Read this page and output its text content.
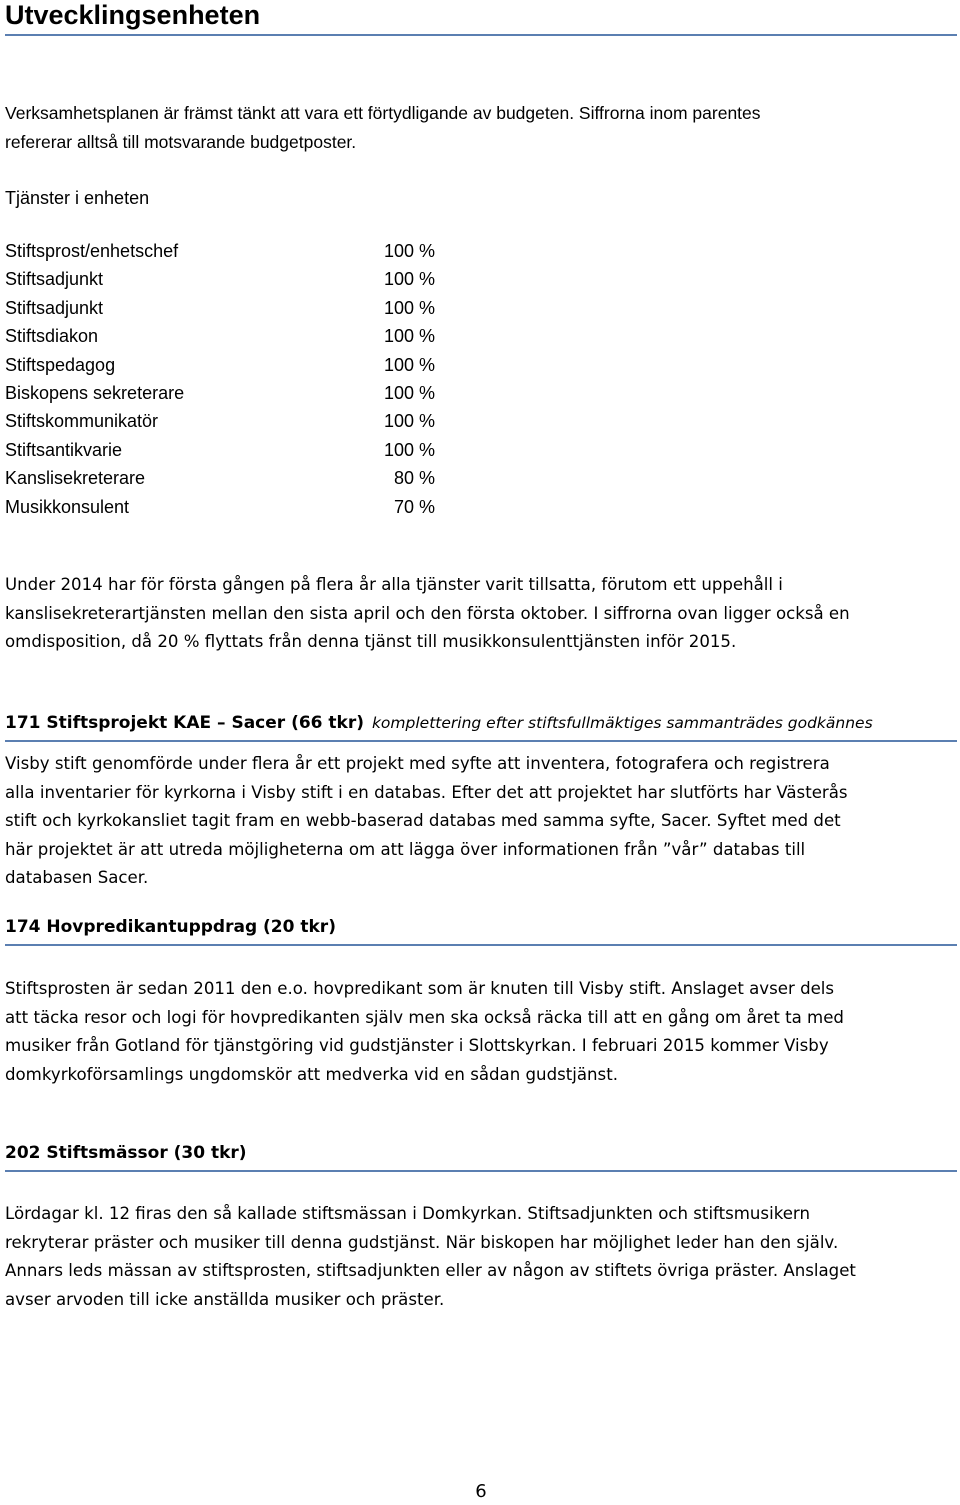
Utvecklingsenheten

Verksamhetsplanen är främst tänkt att vara ett förtydligande av budgeten. Siffrorna inom parentes
refererar alltså till motsvarande budgetposter.

Tjänster i enheten

Stiftsprost/enhetschef	100 %
Stiftsadjunkt	100 %
Stiftsadjunkt	100 %
Stiftsdiakon	100 %
Stiftspedagog	100 %
Biskopens sekreterare	100 %
Stiftskommunikatör	100 %
Stiftsantikvarie	100 %
Kanslisekreterare	80 %
Musikkonsulent	70 %

Under 2014 har för första gången på flera år alla tjänster varit tillsatta, förutom ett uppehåll i
kanslisekreterartjänsten mellan den sista april och den första oktober. I siffrorna ovan ligger också en
omdisposition, då 20 % flyttats från denna tjänst till musikkonsulenttjänsten inför 2015.

171 Stiftsprojekt KAE – Sacer (66 tkr) komplettering efter stiftsfullmäktiges sammanträdes godkännes

Visby stift genomförde under flera år ett projekt med syfte att inventera, fotografera och registrera
alla inventarier för kyrkorna i Visby stift i en databas. Efter det att projektet har slutförts har Västerås
stift och kyrkokansliet tagit fram en webb-baserad databas med samma syfte, Sacer. Syftet med det
här projektet är att utreda möjligheterna om att lägga över informationen från ”vår” databas till
databasen Sacer.

174 Hovpredikantuppdrag (20 tkr)

Stiftsprosten är sedan 2011 den e.o. hovpredikant som är knuten till Visby stift. Anslaget avser dels
att täcka resor och logi för hovpredikanten själv men ska också räcka till att en gång om året ta med
musiker från Gotland för tjänstgöring vid gudstjänster i Slottskyrkan. I februari 2015 kommer Visby
domkyrkoförsamlings ungdomskör att medverka vid en sådan gudstjänst.

202 Stiftsmässor (30 tkr)

Lördagar kl. 12 firas den så kallade stiftsmässan i Domkyrkan. Stiftsadjunkten och stiftsmusikern
rekryterar präster och musiker till denna gudstjänst. När biskopen har möjlighet leder han den själv.
Annars leds mässan av stiftsprosten, stiftsadjunkten eller av någon av stiftets övriga präster. Anslaget
avser arvoden till icke anställda musiker och präster.

6
